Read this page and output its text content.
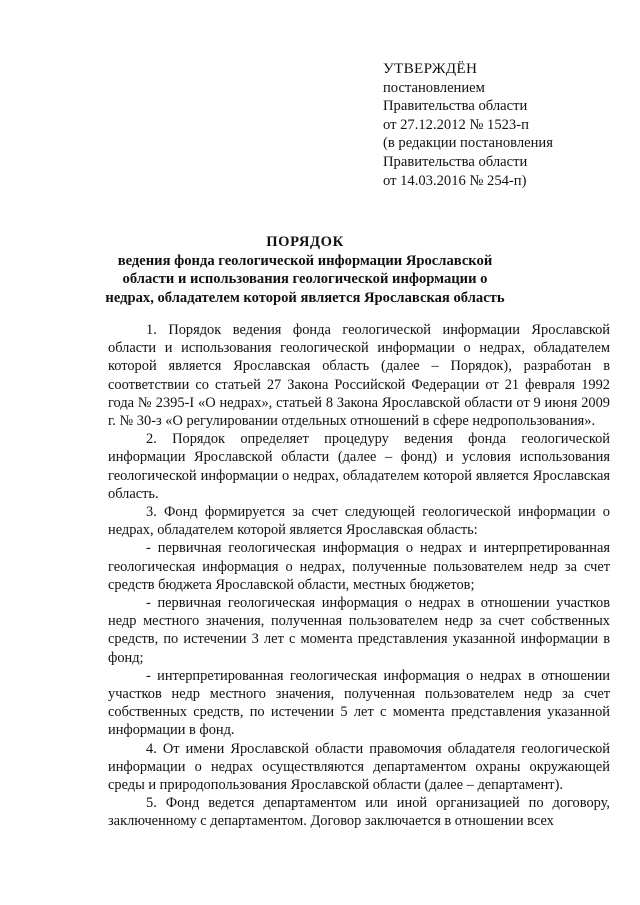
УТВЕРЖДЁН
постановлением
Правительства области
от 27.12.2012 № 1523-п
(в редакции постановления
Правительства области
от 14.03.2016 № 254-п)
ПОРЯДОК
ведения фонда геологической информации Ярославской области и использования геологической информации о недрах, обладателем которой является Ярославская область

1. Порядок ведения фонда геологической информации Ярославской области и использования геологической информации о недрах, обладателем которой является Ярославская область (далее – Порядок), разработан в соответствии со статьей 27 Закона Российской Федерации от 21 февраля 1992 года № 2395-I «О недрах», статьей 8 Закона Ярославской области от 9 июня 2009 г. № 30-з «О регулировании отдельных отношений в сфере недропользования».

2. Порядок определяет процедуру ведения фонда геологической информации Ярославской области (далее – фонд) и условия использования геологической информации о недрах, обладателем которой является Ярославская область.

3. Фонд формируется за счет следующей геологической информации о недрах, обладателем которой является Ярославская область:

- первичная геологическая информация о недрах и интерпретированная геологическая информация о недрах, полученные пользователем недр за счет средств бюджета Ярославской области, местных бюджетов;

- первичная геологическая информация о недрах в отношении участков недр местного значения, полученная пользователем недр за счет собственных средств, по истечении 3 лет с момента представления указанной информации в фонд;

- интерпретированная геологическая информация о недрах в отношении участков недр местного значения, полученная пользователем недр за счет собственных средств, по истечении 5 лет с момента представления указанной информации в фонд.

4. От имени Ярославской области правомочия обладателя геологической информации о недрах осуществляются департаментом охраны окружающей среды и природопользования Ярославской области (далее – департамент).

5. Фонд ведется департаментом или иной организацией по договору, заключенному с департаментом. Договор заключается в отношении всех
